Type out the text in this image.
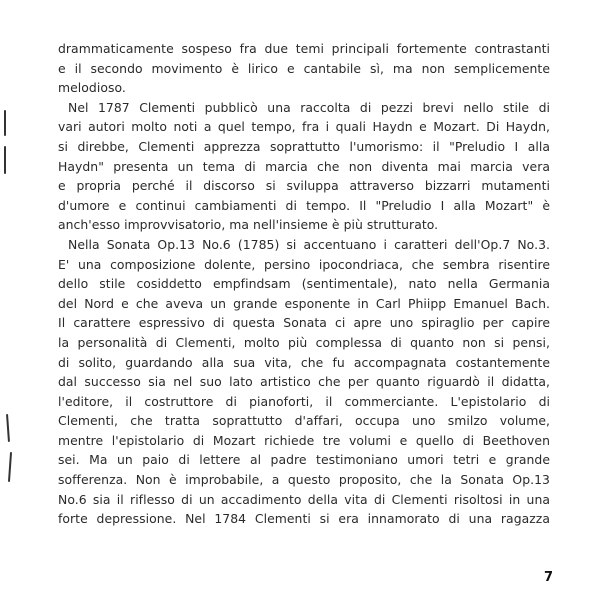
drammaticamente sospeso fra due temi principali fortemente contrastanti
e il secondo movimento è lirico e cantabile sì, ma non semplicemente
melodioso.
Nel 1787 Clementi pubblicò una raccolta di pezzi brevi nello stile di
vari autori molto noti a quel tempo, fra i quali Haydn e Mozart. Di Haydn,
si direbbe, Clementi apprezza soprattutto l'umorismo: il "Preludio I alla
Haydn" presenta un tema di marcia che non diventa mai marcia vera
e propria perché il discorso si sviluppa attraverso bizzarri mutamenti
d'umore e continui cambiamenti di tempo. Il "Preludio I alla Mozart" è
anch'esso improvvisatorio, ma nell'insieme è più strutturato.
Nella Sonata Op.13 No.6 (1785) si accentuano i caratteri dell'Op.7 No.3.
E' una composizione dolente, persino ipocondriaca, che sembra risentire
dello stile cosiddetto empfindsam (sentimentale), nato nella Germania
del Nord e che aveva un grande esponente in Carl Phiipp Emanuel Bach.
Il carattere espressivo di questa Sonata ci apre uno spiraglio per capire
la personalità di Clementi, molto più complessa di quanto non si pensi,
di solito, guardando alla sua vita, che fu accompagnata costantemente
dal successo sia nel suo lato artistico che per quanto riguardò il didatta,
l'editore, il costruttore di pianoforti, il commerciante. L'epistolario di
Clementi, che tratta soprattutto d'affari, occupa uno smilzo volume,
mentre l'epistolario di Mozart richiede tre volumi e quello di Beethoven
sei. Ma un paio di lettere al padre testimoniano umori tetri e grande
sofferenza. Non è improbabile, a questo proposito, che la Sonata Op.13
No.6 sia il riflesso di un accadimento della vita di Clementi risoltosi in una
forte depressione. Nel 1784 Clementi si era innamorato di una ragazza
7
